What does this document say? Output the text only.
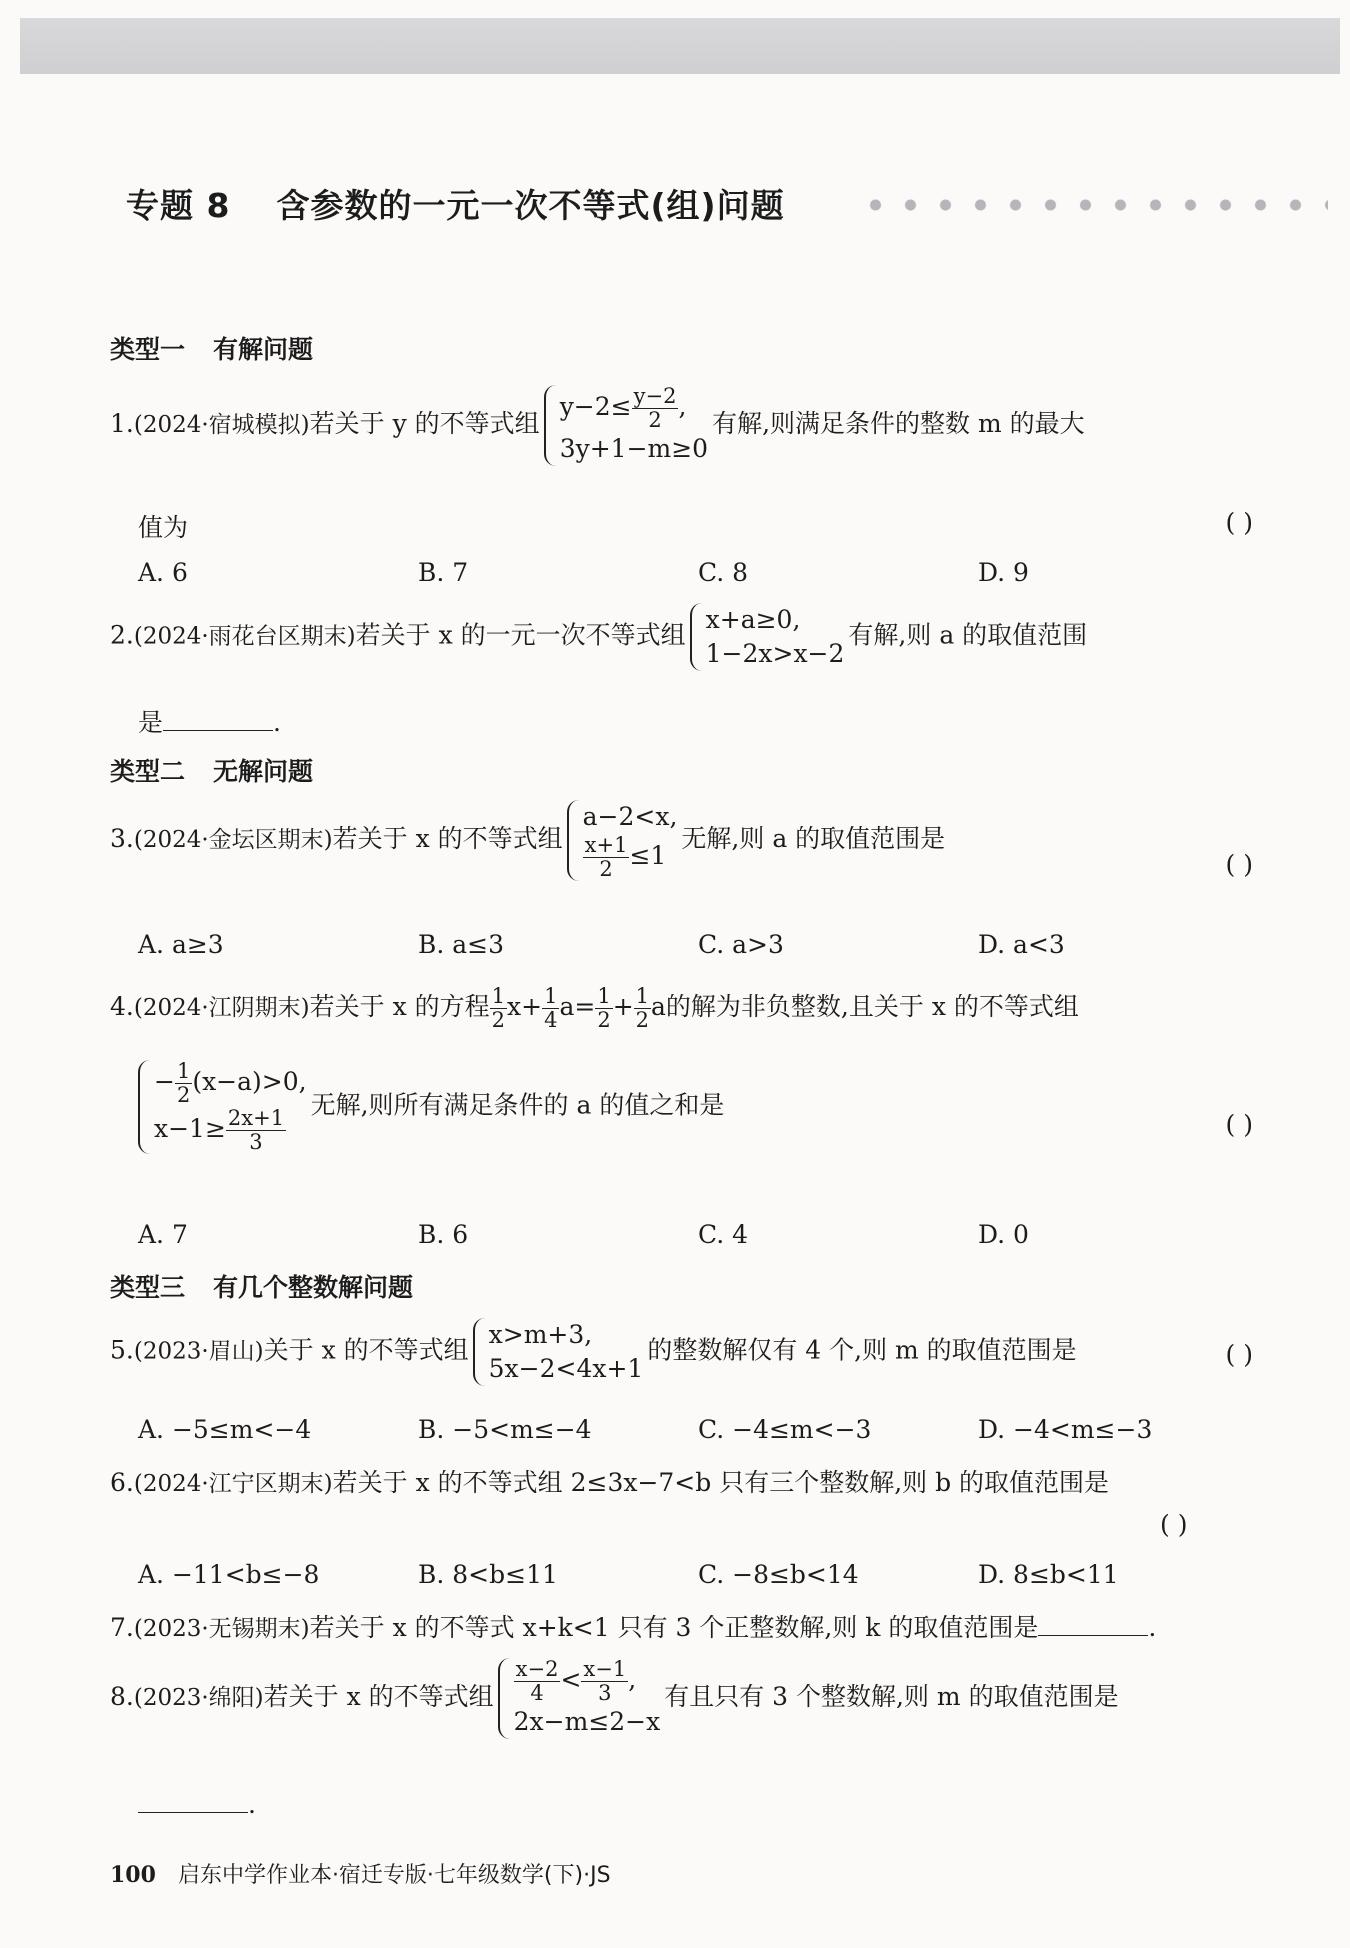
专题 8 含参数的一元一次不等式(组)问题
类型一 有解问题
1.(2024·宿城模拟)若关于 y 的不等式组
$y-2\le \frac{y-2}{2}$ ,
3y+1−m≥0
有解,则满足条件的整数 m 的最大
值为	( )
A. 6	B. 7	C. 8	D. 9
2.(2024·雨花台区期末)若关于 x 的一元一次不等式组
x+a≥0,
1−2x>x−2
有解,则 a 的取值范围
是	.
类型二 无解问题
3.(2024·金坛区期末)若关于 x 的不等式组
a−2<x,
$\frac{x+1}{2} \le 1$
无解,则 a 的取值范围是
( )
A. a≥3	B. a≤3	C. a>3	D. a<3
4.(2024·江阴期末)若关于 x 的方程 $\frac{1}{2} x+ \frac{1}{4} a= \frac{1}{2} + \frac{1}{2}$ a的解为非负整数,且关于 x 的不等式组
− $\frac{1}{2} (x-a)>0$,
$x-1\ge \frac{2x+1}{3}$
无解,则所有满足条件的 a 的值之和是
( )
A. 7	B. 6	C. 4	D. 0
类型三 有几个整数解问题
5.(2023·眉山)关于 x 的不等式组
x>m+3,
5x−2<4x+1
的整数解仅有 4 个,则 m 的取值范围是	( )
A. −5≤m<−4	B. −5<m≤−4	C. −4≤m<−3	D. −4<m≤−3
6.(2024·江宁区期末)若关于 x 的不等式组 2≤3x−7<b 只有三个整数解,则 b 的取值范围是
( )
A. −11<b≤−8	B. 8<b≤11	C. −8≤b<14	D. 8≤b<11
7.(2023·无锡期末)若关于 x 的不等式 x+k<1 只有 3 个正整数解,则 k 的取值范围是	.
8.(2023·绵阳)若关于 x 的不等式组 $\frac{x-2}{4} < \frac{x-1}{3}$ ,
2x−m≤2−x
有且只有 3 个整数解,则 m 的取值范围是
.
100 启东中学作业本·宿迁专版·七年级数学(下)·JS
